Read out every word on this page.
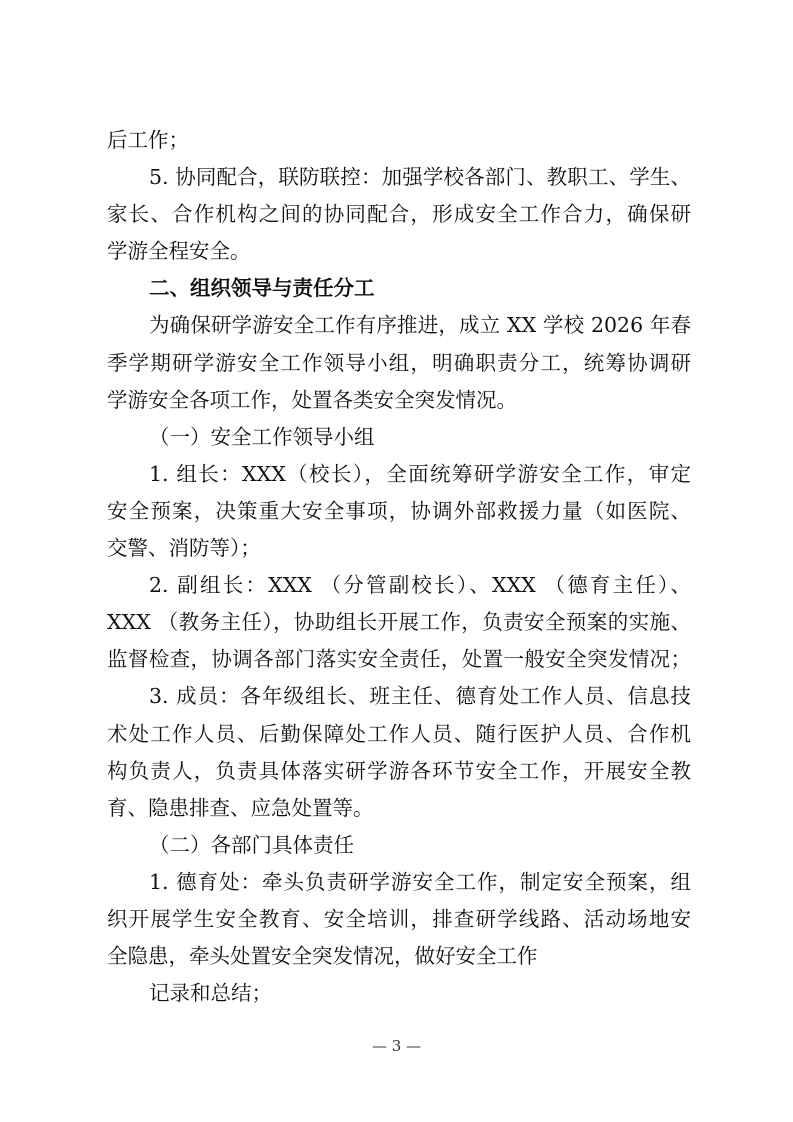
后工作；
5. 协同配合，联防联控：加强学校各部门、教职工、学生、
家长、合作机构之间的协同配合，形成安全工作合力，确保研
学游全程安全。
二、组织领导与责任分工
为确保研学游安全工作有序推进，成立 XX 学校 2026 年春
季学期研学游安全工作领导小组，明确职责分工，统筹协调研
学游安全各项工作，处置各类安全突发情况。
（一）安全工作领导小组
1. 组长：XXX（校长），全面统筹研学游安全工作，审定
安全预案，决策重大安全事项，协调外部救援力量（如医院、
交警、消防等）；
2. 副组长：XXX （分管副校长）、XXX （德育主任）、
XXX （教务主任），协助组长开展工作，负责安全预案的实施、
监督检查，协调各部门落实安全责任，处置一般安全突发情况；
3. 成员：各年级组长、班主任、德育处工作人员、信息技
术处工作人员、后勤保障处工作人员、随行医护人员、合作机
构负责人，负责具体落实研学游各环节安全工作，开展安全教
育、隐患排查、应急处置等。
（二）各部门具体责任
1. 德育处：牵头负责研学游安全工作，制定安全预案，组
织开展学生安全教育、安全培训，排查研学线路、活动场地安
全隐患，牵头处置安全突发情况，做好安全工作
记录和总结；
— 3 —
